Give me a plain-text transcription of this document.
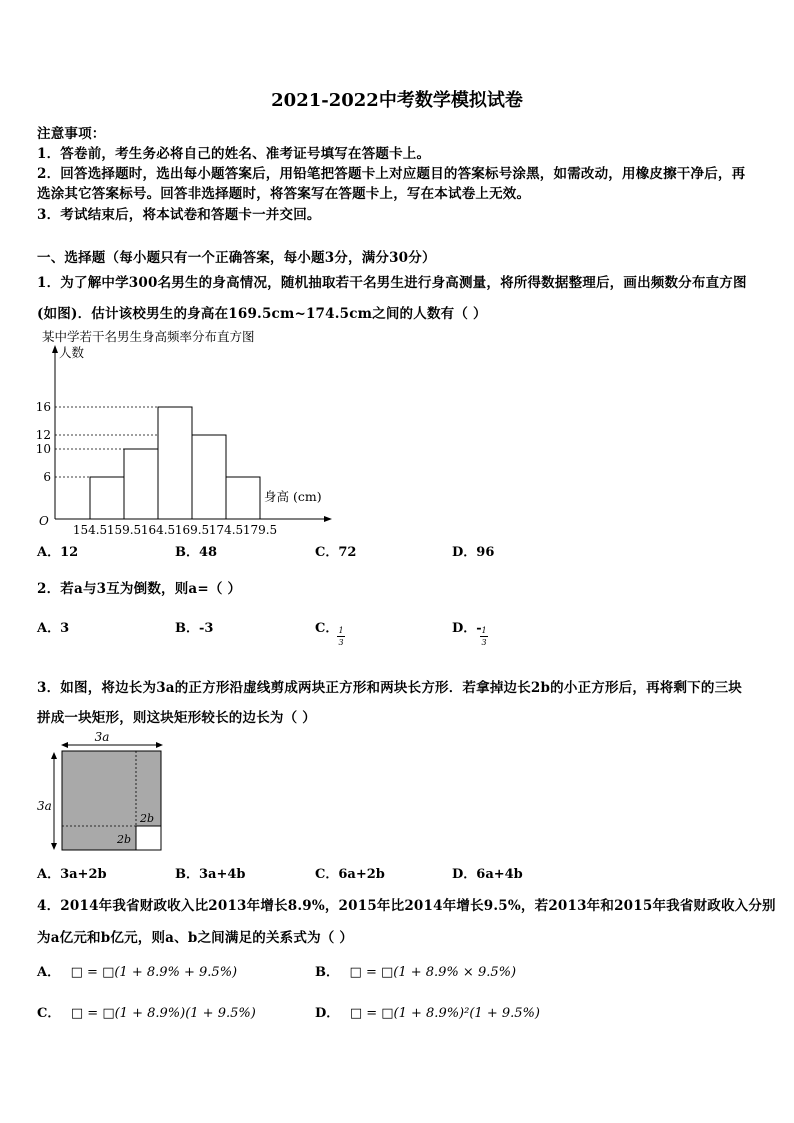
2021-2022中考数学模拟试卷
注意事项：
1．答卷前，考生务必将自己的姓名、准考证号填写在答题卡上。
2．回答选择题时，选出每小题答案后，用铅笔把答题卡上对应题目的答案标号涂黑，如需改动，用橡皮擦干净后，再
选涂其它答案标号。回答非选择题时，将答案写在答题卡上，写在本试卷上无效。
3．考试结束后，将本试卷和答题卡一并交回。
一、选择题（每小题只有一个正确答案，每小题3分，满分30分）
1．为了解中学300名男生的身高情况，随机抽取若干名男生进行身高测量，将所得数据整理后，画出频数分布直方图
(如图)．估计该校男生的身高在169.5cm~174.5cm之间的人数有（ ）
某中学若干名男生身高频率分布直方图
人数
O
身高 (cm)
6
10
12
16
154.5 159.5 164.5 169.5 174.5 179.5
A．12	B．48	C．72	D．96
2．若a与3互为倒数，则a=（ ）
A．3	B．-3	C． 1
3
D．- 1
3
3．如图，将边长为3a的正方形沿虚线剪成两块正方形和两块长方形．若拿掉边长2b的小正方形后，再将剩下的三块
拼成一块矩形，则这块矩形较长的边长为（ ）
3a
3a
2b
2b
A．3a+2b	B．3a+4b	C．6a+2b	D．6a+4b
4．2014年我省财政收入比2013年增长8.9%，2015年比2014年增长9.5%，若2013年和2015年我省财政收入分别
为a亿元和b亿元，则a、b之间满足的关系式为（ ）
A． □ = □(1 + 8.9% + 9.5%)	B． □ = □(1 + 8.9% × 9.5%)
C． □ = □(1 + 8.9%)(1 + 9.5%)	D． □ = □(1 + 8.9%)²(1 + 9.5%)
